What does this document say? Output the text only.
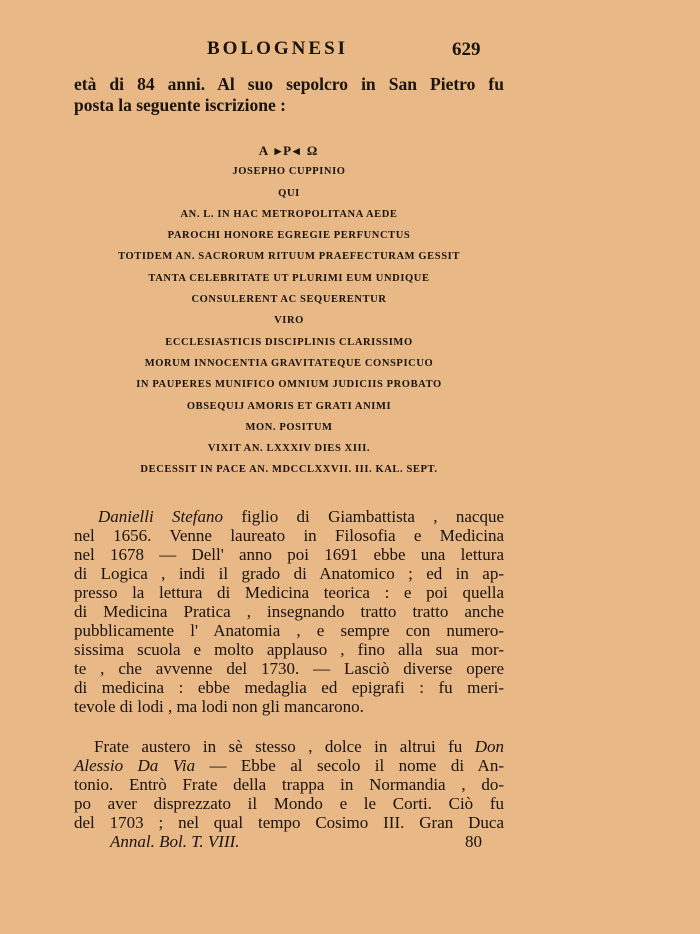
BOLOGNESI	629
età di 84 anni. Al suo sepolcro in San Pietro fu
posta la seguente iscrizione :
A ▸P◂ Ω
JOSEPHO CUPPINIO
QUI
AN. L. IN HAC METROPOLITANA AEDE
PAROCHI HONORE EGREGIE PERFUNCTUS
TOTIDEM AN. SACRORUM RITUUM PRAEFECTURAM GESSIT
TANTA CELEBRITATE UT PLURIMI EUM UNDIQUE
CONSULERENT AC SEQUERENTUR
VIRO
ECCLESIASTICIS DISCIPLINIS CLARISSIMO
MORUM INNOCENTIA GRAVITATEQUE CONSPICUO
IN PAUPERES MUNIFICO OMNIUM JUDICIIS PROBATO
OBSEQUIJ AMORIS ET GRATI ANIMI
MON. POSITUM
VIXIT AN. LXXXIV DIES XIII.
DECESSIT IN PACE AN. MDCCLXXVII. III. KAL. SEPT.
Danielli Stefano figlio di Giambattista , nacque
nel 1656. Venne laureato in Filosofia e Medicina
nel 1678 — Dell' anno poi 1691 ebbe una lettura
di Logica , indi il grado di Anatomico ; ed in ap-
presso la lettura di Medicina teorica : e poi quella
di Medicina Pratica , insegnando tratto tratto anche
pubblicamente l' Anatomia , e sempre con numero-
sissima scuola e molto applauso , fino alla sua mor-
te , che avvenne del 1730. — Lasciò diverse opere
di medicina : ebbe medaglia ed epigrafi : fu meri-
tevole di lodi , ma lodi non gli mancarono.
Frate austero in sè stesso , dolce in altrui fu Don
Alessio Da Via — Ebbe al secolo il nome di An-
tonio. Entrò Frate della trappa in Normandia , do-
po aver disprezzato il Mondo e le Corti. Ciò fu
del 1703 ; nel qual tempo Cosimo III. Gran Duca
Annal. Bol. T. VIII.	80
